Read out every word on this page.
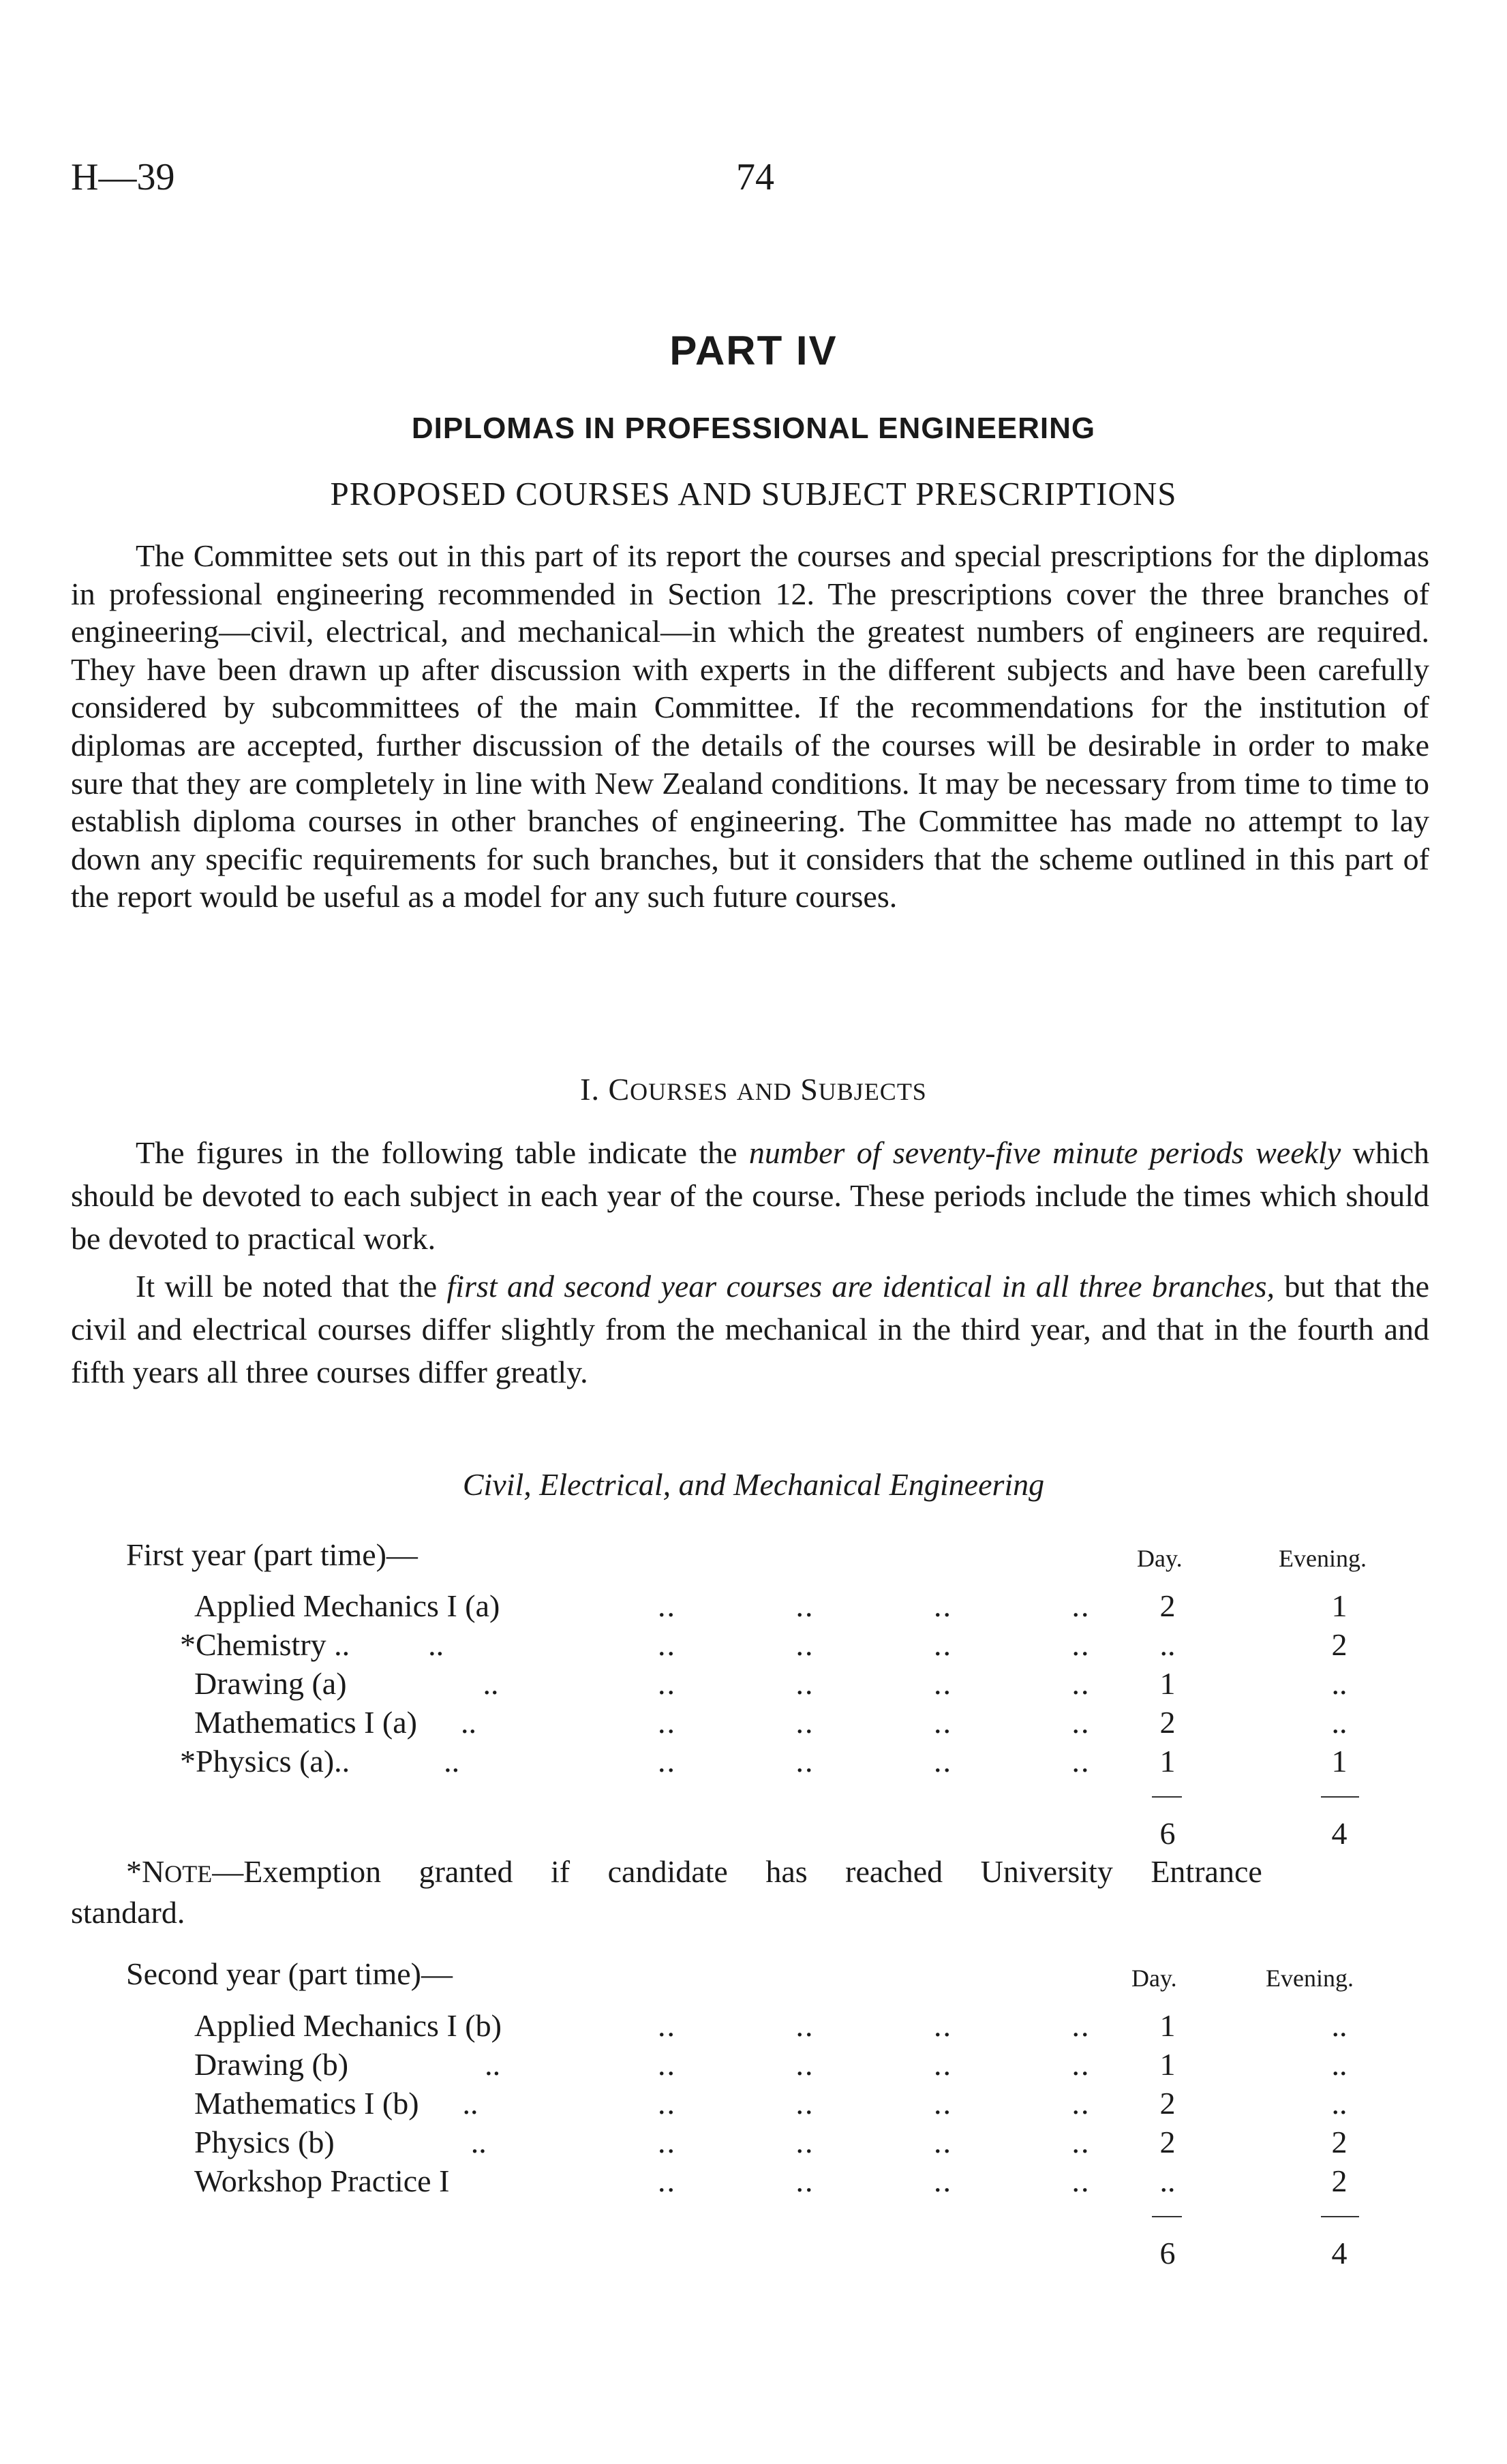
H—39	74
PART IV
DIPLOMAS IN PROFESSIONAL ENGINEERING
PROPOSED COURSES AND SUBJECT PRESCRIPTIONS
The Committee sets out in this part of its report the courses and special prescriptions for the diplomas in professional engineering recommended in Section 12. The prescriptions cover the three branches of engineering—civil, electrical, and mechanical—in which the greatest numbers of engineers are required. They have been drawn up after discussion with experts in the different subjects and have been carefully considered by subcommittees of the main Committee. If the recommendations for the institution of diplomas are accepted, further discussion of the details of the courses will be desirable in order to make sure that they are completely in line with New Zealand conditions. It may be necessary from time to time to establish diploma courses in other branches of engineering. The Committee has made no attempt to lay down any specific requirements for such branches, but it considers that the scheme outlined in this part of the report would be useful as a model for any such future courses.
I. COURSES AND SUBJECTS
The figures in the following table indicate the number of seventy-five minute periods weekly which should be devoted to each subject in each year of the course. These periods include the times which should be devoted to practical work.
It will be noted that the first and second year courses are identical in all three branches, but that the civil and electrical courses differ slightly from the mechanical in the third year, and that in the fourth and fifth years all three courses differ greatly.
Civil, Electrical, and Mechanical Engineering
First year (part time)—	Day.	Evening.
Applied Mechanics I (a)	..             ..             ..             ..	2	1
*Chemistry ..          ..	..             ..             ..             ..	..	2
Drawing (a)	..	..             ..             ..             ..	1	..
Mathematics I (a) ..	..             ..             ..             ..	2	..
*Physics (a)..            ..	..             ..             ..             ..	1	1
6	4
*NOTE—Exemption granted if candidate has reached University Entrance
standard.
Second year (part time)—	Day.	Evening.
Applied Mechanics I (b)	..             ..             ..             ..	1	..
Drawing (b)	..	..             ..             ..             ..	1	..
Mathematics I (b) ..	..             ..             ..             ..	2	..
Physics (b)	..	..             ..             ..             ..	2	2
Workshop Practice I	..             ..             ..             ..	..	2
6	4
